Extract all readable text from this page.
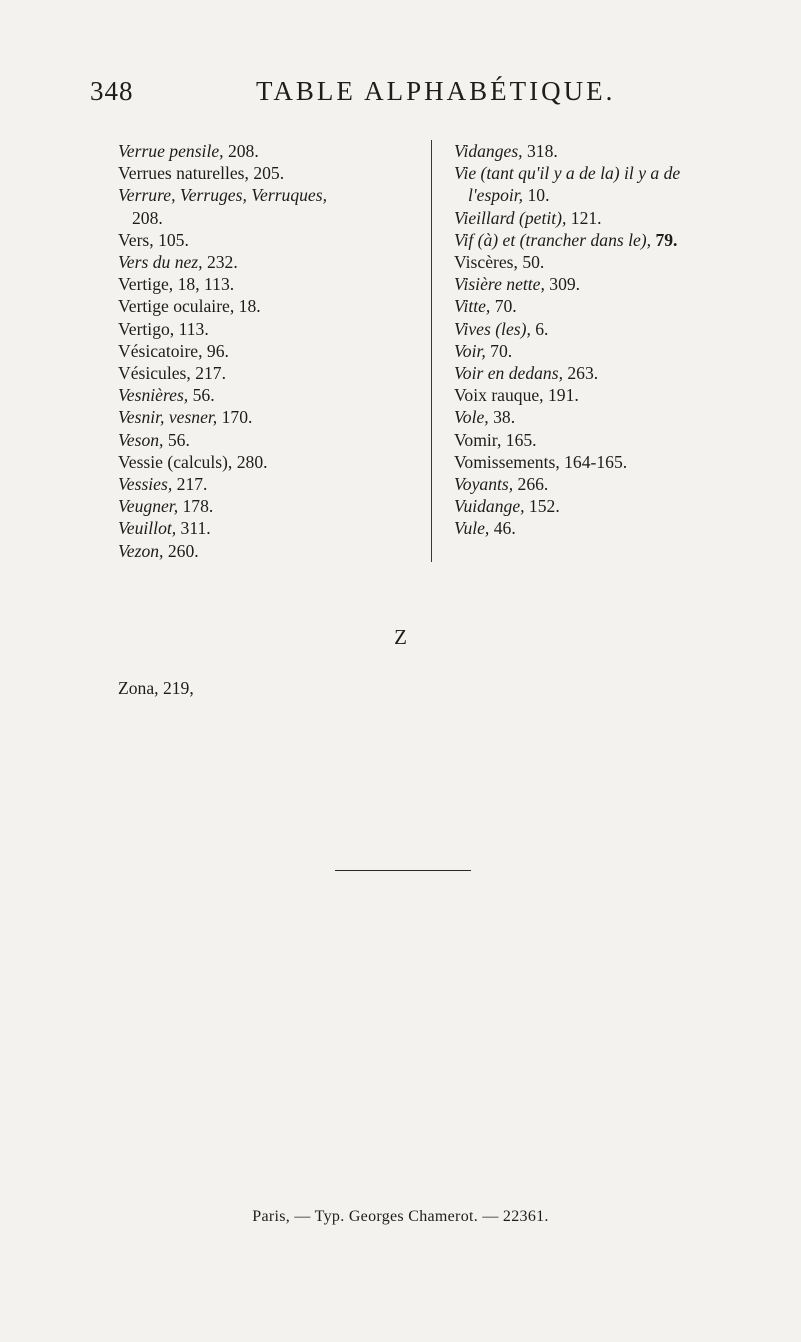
348	TABLE ALPHABÉTIQUE.
Verrue pensile, 208.
Verrues naturelles, 205.
Verrure, Verruges, Verruques,
208.
Vers, 105.
Vers du nez, 232.
Vertige, 18, 113.
Vertige oculaire, 18.
Vertigo, 113.
Vésicatoire, 96.
Vésicules, 217.
Vesnières, 56.
Vesnir, vesner, 170.
Veson, 56.
Vessie (calculs), 280.
Vessies, 217.
Veugner, 178.
Veuillot, 311.
Vezon, 260.
Vidanges, 318.
Vie (tant qu'il y a de la) il y a de
l'espoir, 10.
Vieillard (petit), 121.
Vif (à) et (trancher dans le), 79.
Viscères, 50.
Visière nette, 309.
Vitte, 70.
Vives (les), 6.
Voir, 70.
Voir en dedans, 263.
Voix rauque, 191.
Vole, 38.
Vomir, 165.
Vomissements, 164-165.
Voyants, 266.
Vuidange, 152.
Vule, 46.
Z
Zona, 219,
Paris, — Typ. Georges Chamerot. — 22361.
